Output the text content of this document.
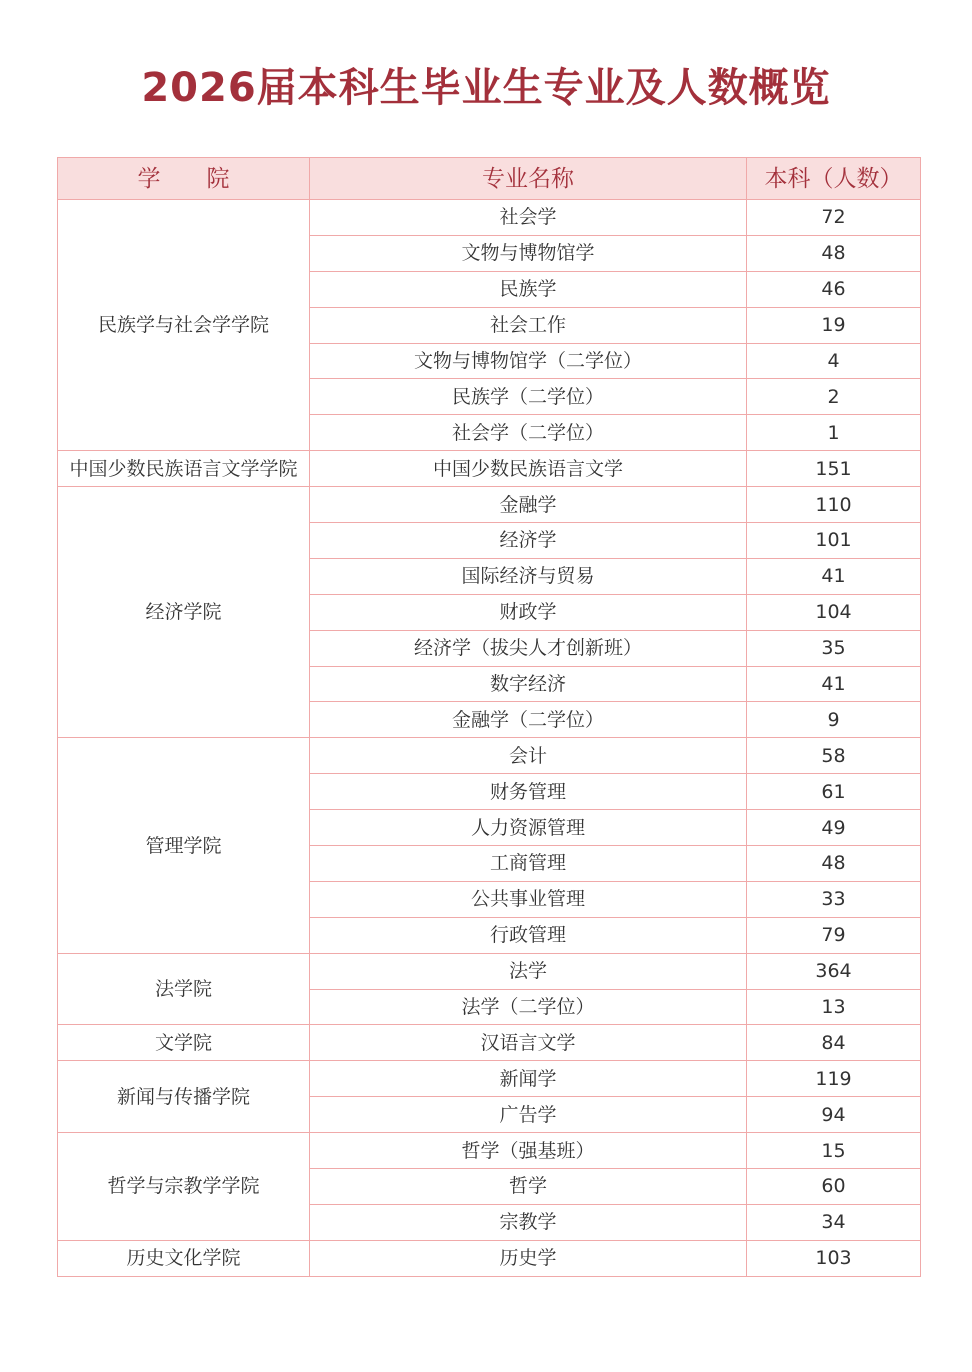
2026届本科生毕业生专业及人数概览
学　　院	专业名称	本科（人数）
民族学与社会学学院	社会学	72
	文物与博物馆学	48
	民族学	46
	社会工作	19
	文物与博物馆学（二学位）	4
	民族学（二学位）	2
	社会学（二学位）	1
中国少数民族语言文学学院	中国少数民族语言文学	151
经济学院	金融学	110
	经济学	101
	国际经济与贸易	41
	财政学	104
	经济学（拔尖人才创新班）	35
	数字经济	41
	金融学（二学位）	9
管理学院	会计	58
	财务管理	61
	人力资源管理	49
	工商管理	48
	公共事业管理	33
	行政管理	79
法学院	法学	364
	法学（二学位）	13
文学院	汉语言文学	84
新闻与传播学院	新闻学	119
	广告学	94
哲学与宗教学学院	哲学（强基班）	15
	哲学	60
	宗教学	34
历史文化学院	历史学	103
